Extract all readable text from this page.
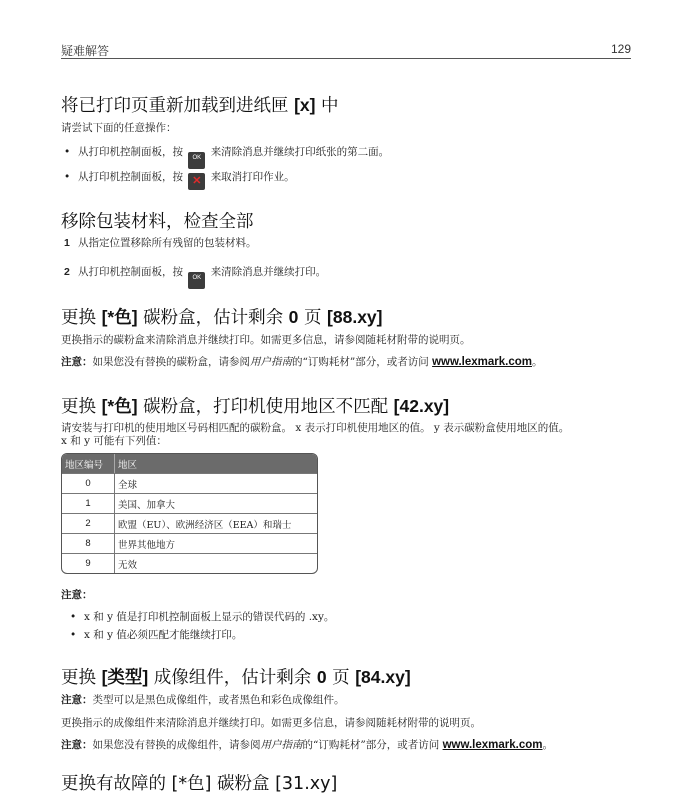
疑难解答	129
将已打印页重新加载到进纸匣 [x] 中
请尝试下面的任意操作：
• 从打印机控制面板，按 OK 来清除消息并继续打印纸张的第二面。
• 从打印机控制面板，按 ✕ 来取消打印作业。
移除包装材料，检查全部
1 从指定位置移除所有残留的包装材料。
2 从打印机控制面板，按 OK 来清除消息并继续打印。
更换 [*色] 碳粉盒，估计剩余 0 页 [88.xy]
更换指示的碳粉盒来清除消息并继续打印。如需更多信息，请参阅随耗材附带的说明页。
注意：如果您没有替换的碳粉盒，请参阅用户指南的“订购耗材”部分，或者访问 www.lexmark.com。
更换 [*色] 碳粉盒，打印机使用地区不匹配 [42.xy]
请安装与打印机的使用地区号码相匹配的碳粉盒。 x 表示打印机使用地区的值。 y 表示碳粉盒使用地区的值。
x 和 y 可能有下列值：
地区编号	地区
0	全球
1	美国、加拿大
2	欧盟（EU）、欧洲经济区（EEA）和瑞士
8	世界其他地方
9	无效
注意：
• x 和 y 值是打印机控制面板上显示的错误代码的 .xy。
• x 和 y 值必须匹配才能继续打印。
更换 [类型] 成像组件，估计剩余 0 页 [84.xy]
注意：类型可以是黑色成像组件，或者黑色和彩色成像组件。
更换指示的成像组件来清除消息并继续打印。如需更多信息，请参阅随耗材附带的说明页。
注意：如果您没有替换的成像组件，请参阅用户指南的“订购耗材”部分，或者访问 www.lexmark.com。
更换有故障的 [*色] 碳粉盒 [31.xy]
